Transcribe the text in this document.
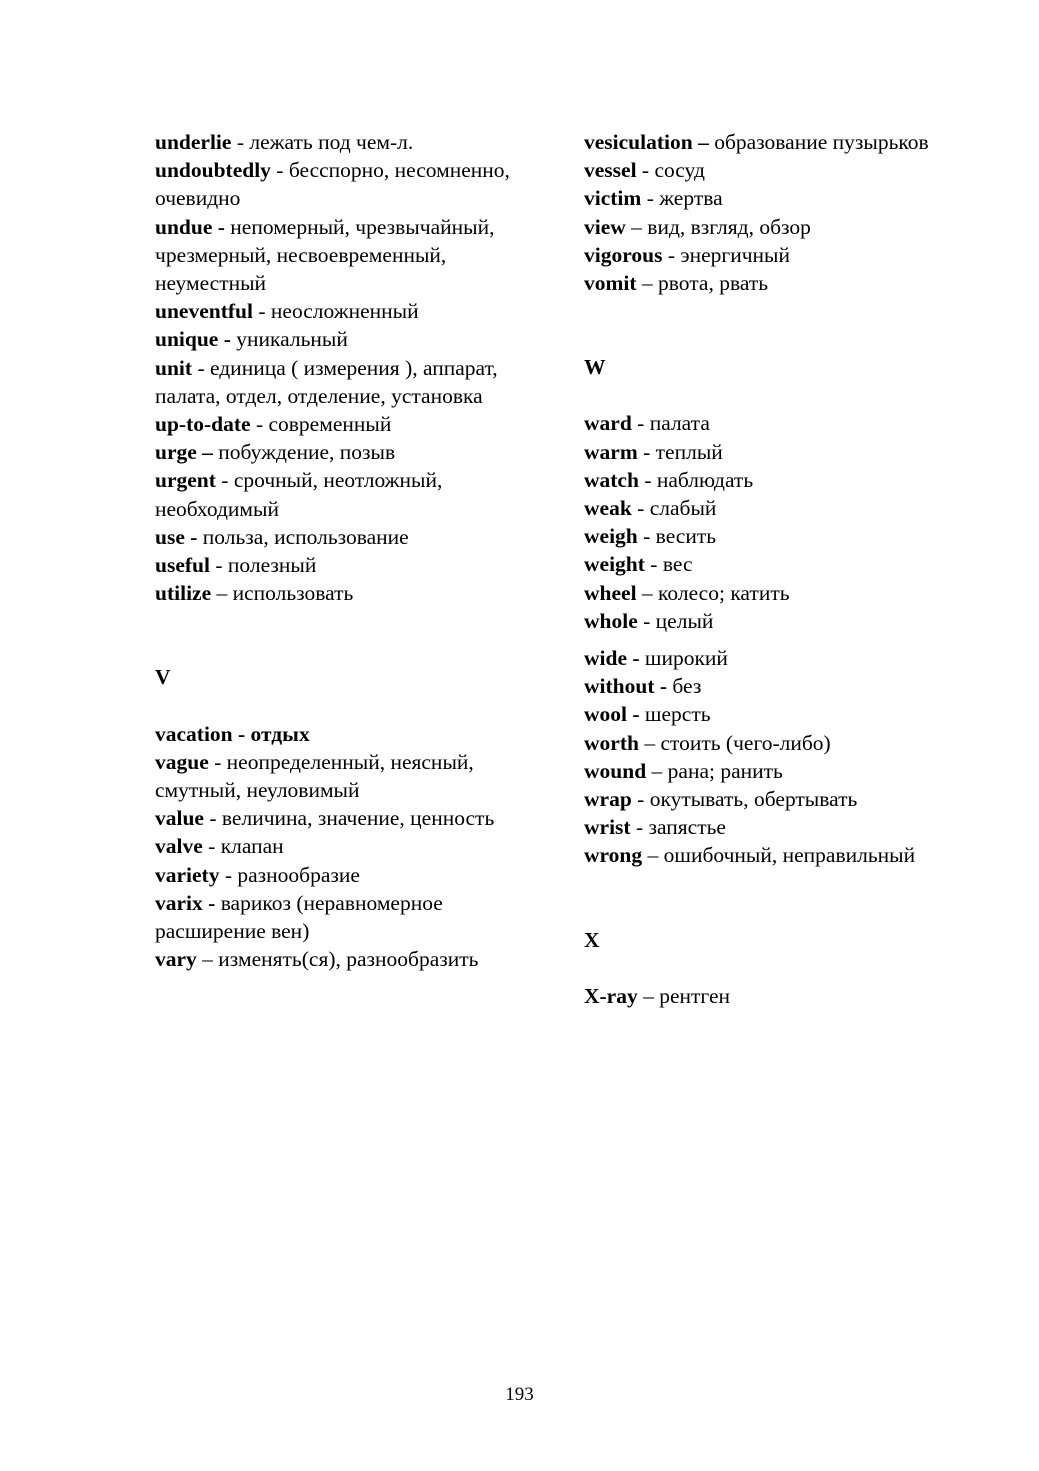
underlie - лежать под чем-л.

undoubtedly - бесспорно, несомненно, очевидно

undue - непомерный, чрезвычайный, чрезмерный, несвоевременный, неуместный

uneventful - неосложненный

unique - уникальный

unit - единица ( измерения ), аппарат, палата, отдел, отделение, установка

up-to-date - современный

urge – побуждение, позыв

urgent - срочный, неотложный, необходимый

use - польза, использование

useful - полезный

utilize – использовать

V

vacation - отдых

vague - неопределенный, неясный, смутный, неуловимый

value - величина, значение, ценность

valve - клапан

variety - разнообразие

varix - варикоз (неравномерное расширение вен)

vary – изменять(ся), разнообразить

vesiculation – образование пузырьков

vessel - сосуд

victim - жертва

view – вид, взгляд, обзор

vigorous - энергичный

vomit – рвота, рвать

W

ward - палата

warm - теплый

watch - наблюдать

weak - слабый

weigh - весить

weight - вес

wheel – колесо; катить

whole - целый

wide - широкий

without - без

wool - шерсть

worth – стоить (чего-либо)

wound – рана; ранить

wrap - окутывать, обертывать

wrist - запястье

wrong – ошибочный, неправильный

X

X-ray – рентген

193
